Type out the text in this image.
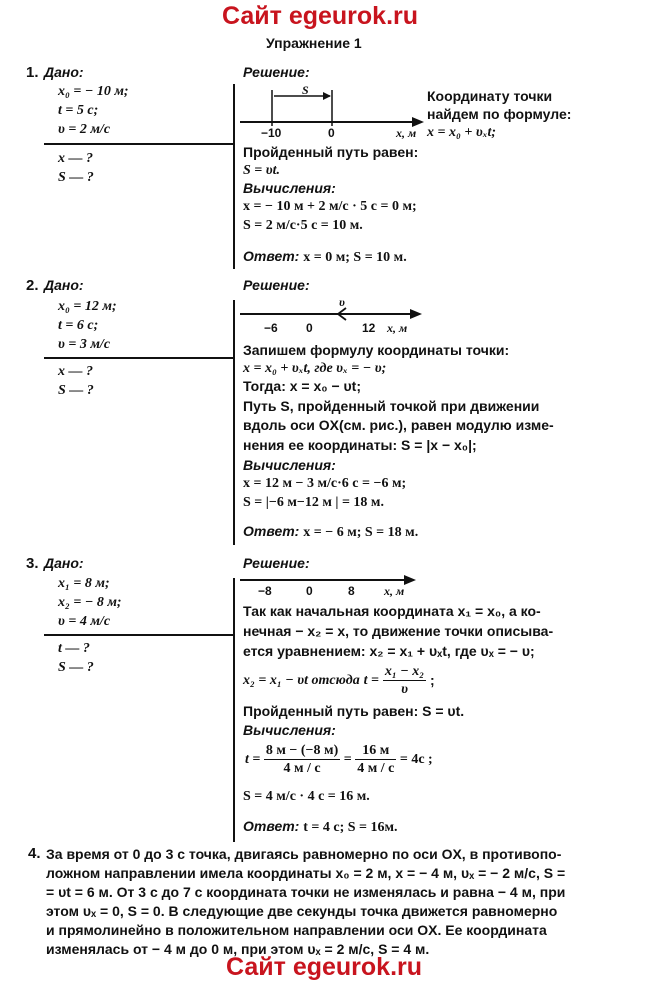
Сайт egeurok.ru
Упражнение 1
1. Дано:
x₀ = − 10 м;
t = 5 с;
υ = 2 м/с
x — ?
S — ?
Решение:
S
−10	0	x, м
Координату точки
найдем по формуле:
x = x₀ + υₓt;
Пройденный путь равен:
S = υt.
Вычисления:
x = − 10 м + 2 м/с · 5 с = 0 м;
S = 2 м/с·5 с = 10 м.
Ответ: x = 0 м; S = 10 м.
2. Дано:
x₀ = 12 м;
t = 6 с;
υ = 3 м/с
x — ?
S — ?
Решение:
υ⃗
−6 0	12 x, м
Запишем формулу координаты точки:
x = x₀ + υₓt, где υₓ = − υ;
Тогда: x = x₀ − υt;
Путь S, пройденный точкой при движении
вдоль оси OX(см. рис.), равен модулю изме-
нения ее координаты: S = |x − x₀|;
Вычисления:
x = 12 м − 3 м/с·6 с = −6 м;
S = |−6 м−12 м | = 18 м.
Ответ: x = − 6 м; S = 18 м.
3. Дано:
x₁ = 8 м;
x₂ = − 8 м;
υ = 4 м/с
t — ?
S — ?
Решение:
−8	0	8 x, м
Так как начальная координата x₁ = x₀, а ко-
нечная − x₂ = x, то движение точки описыва-
ется уравнением: x₂ = x₁ + υₓt, где υₓ = − υ;
x₂ = x₁ − υt отсюда $t = \frac{\text{x₁ − x₂}}{\upsilon}$ ;
Пройденный путь равен: S = υt.
Вычисления:
$t = \frac{8 м - (-8 м)}{4 м / с} = \frac{16 м}{4 м / с} = 4с$ ;
S = 4 м/с · 4 с = 16 м.
Ответ: t = 4 с; S = 16м.
4. За время от 0 до 3 с точка, двигаясь равномерно по оси OX, в противопо-
ложном направлении имела координаты x₀ = 2 м, x = − 4 м, υₓ = − 2 м/с, S =
= υt = 6 м. От 3 с до 7 с координата точки не изменялась и равна − 4 м, при
этом υₓ = 0, S = 0. В следующие две секунды точка движется равномерно
и прямолинейно в положительном направлении оси OX. Ее координата
изменялась от − 4 м до 0 м, при этом υₓ = 2 м/с, S = 4 м.
Сайт egeurok.ru
